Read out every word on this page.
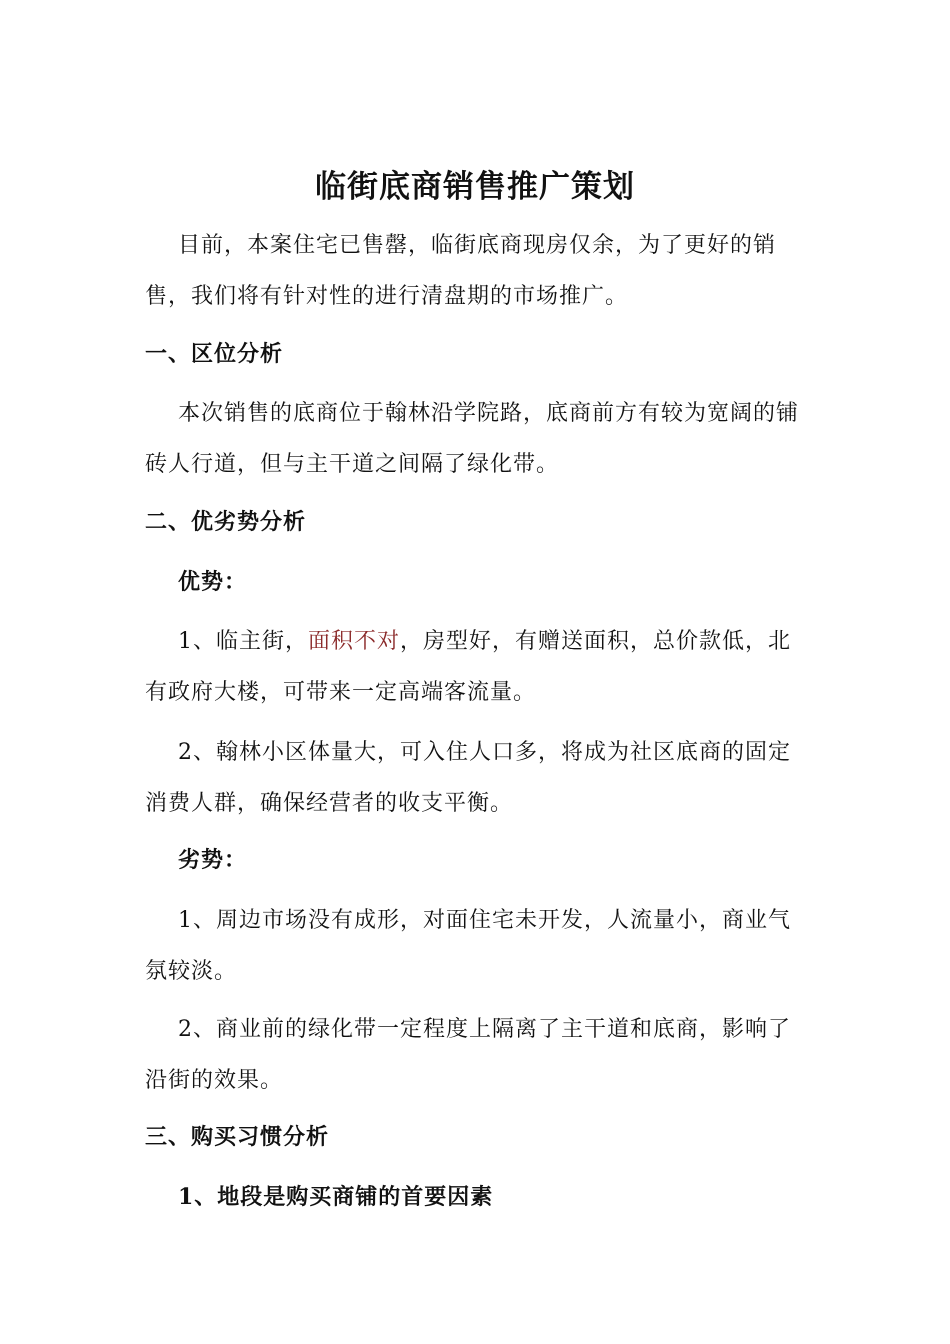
临街底商销售推广策划
目前，本案住宅已售罄，临街底商现房仅余，为了更好的销售，我们将有针对性的进行清盘期的市场推广。
一、区位分析
本次销售的底商位于翰林沿学院路，底商前方有较为宽阔的铺砖人行道，但与主干道之间隔了绿化带。
二、优劣势分析
优势：
1、临主街，面积不对，房型好，有赠送面积，总价款低，北有政府大楼，可带来一定高端客流量。
2、翰林小区体量大，可入住人口多，将成为社区底商的固定消费人群，确保经营者的收支平衡。
劣势：
1、周边市场没有成形，对面住宅未开发，人流量小，商业气氛较淡。
2、商业前的绿化带一定程度上隔离了主干道和底商，影响了沿街的效果。
三、购买习惯分析
1、地段是购买商铺的首要因素
